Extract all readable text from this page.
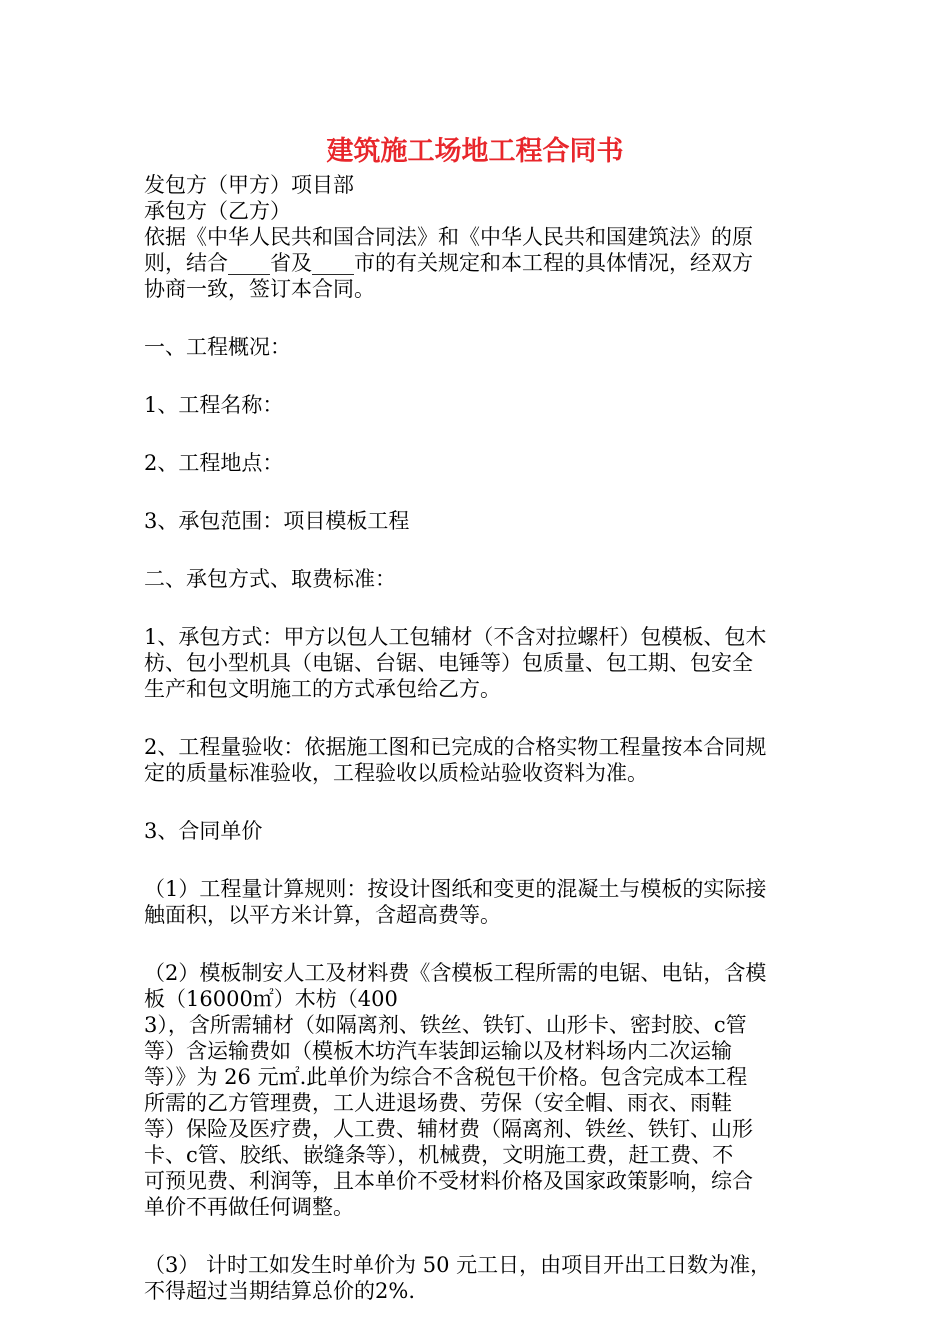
建筑施工场地工程合同书
发包方（甲方）项目部
承包方（乙方）
依据《中华人民共和国合同法》和《中华人民共和国建筑法》的原
则，结合____省及____市的有关规定和本工程的具体情况，经双方
协商一致，签订本合同。
一、工程概况：
1、工程名称：
2、工程地点：
3、承包范围：项目模板工程
二、承包方式、取费标准：
1、承包方式：甲方以包人工包辅材（不含对拉螺杆）包模板、包木
枋、包小型机具（电锯、台锯、电锤等）包质量、包工期、包安全
生产和包文明施工的方式承包给乙方。
2、工程量验收：依据施工图和已完成的合格实物工程量按本合同规
定的质量标准验收，工程验收以质检站验收资料为准。
3、合同单价
（1）工程量计算规则：按设计图纸和变更的混凝土与模板的实际接
触面积，以平方米计算，含超高费等。
（2）模板制安人工及材料费《含模板工程所需的电锯、电钻，含模
板（16000㎡）木枋（400
3），含所需辅材（如隔离剂、铁丝、铁钉、山形卡、密封胶、c管
等）含运输费如（模板木坊汽车装卸运输以及材料场内二次运输
等）》为 26 元㎡.此单价为综合不含税包干价格。包含完成本工程
所需的乙方管理费，工人进退场费、劳保（安全帽、雨衣、雨鞋
等）保险及医疗费，人工费、辅材费（隔离剂、铁丝、铁钉、山形
卡、c管、胶纸、嵌缝条等），机械费，文明施工费，赶工费、不
可预见费、利润等，且本单价不受材料价格及国家政策影响，综合
单价不再做任何调整。
（3） 计时工如发生时单价为 50 元工日，由项目开出工日数为准，
不得超过当期结算总价的2%.
